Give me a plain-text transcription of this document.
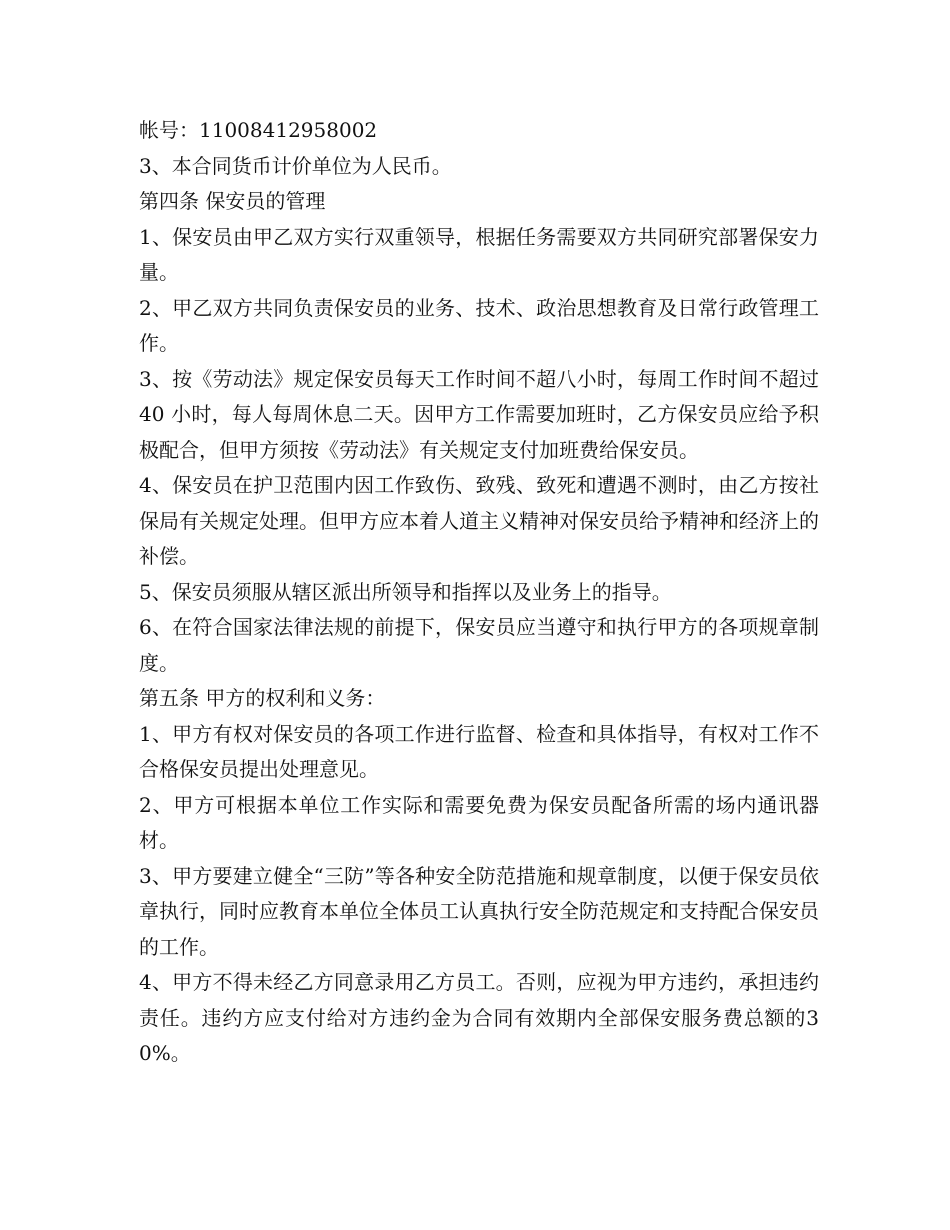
帐号：11008412958002

3、本合同货币计价单位为人民币。

第四条 保安员的管理

1、保安员由甲乙双方实行双重领导，根据任务需要双方共同研究部署保安力量。

2、甲乙双方共同负责保安员的业务、技术、政治思想教育及日常行政管理工作。

3、按《劳动法》规定保安员每天工作时间不超八小时，每周工作时间不超过 40 小时，每人每周休息二天。因甲方工作需要加班时，乙方保安员应给予积极配合，但甲方须按《劳动法》有关规定支付加班费给保安员。

4、保安员在护卫范围内因工作致伤、致残、致死和遭遇不测时，由乙方按社保局有关规定处理。但甲方应本着人道主义精神对保安员给予精神和经济上的补偿。

5、保安员须服从辖区派出所领导和指挥以及业务上的指导。

6、在符合国家法律法规的前提下，保安员应当遵守和执行甲方的各项规章制度。

第五条 甲方的权利和义务：

1、甲方有权对保安员的各项工作进行监督、检查和具体指导，有权对工作不合格保安员提出处理意见。

2、甲方可根据本单位工作实际和需要免费为保安员配备所需的场内通讯器材。

3、甲方要建立健全“三防”等各种安全防范措施和规章制度，以便于保安员依章执行，同时应教育本单位全体员工认真执行安全防范规定和支持配合保安员的工作。

4、甲方不得未经乙方同意录用乙方员工。否则，应视为甲方违约，承担违约责任。违约方应支付给对方违约金为合同有效期内全部保安服务费总额的30%。
